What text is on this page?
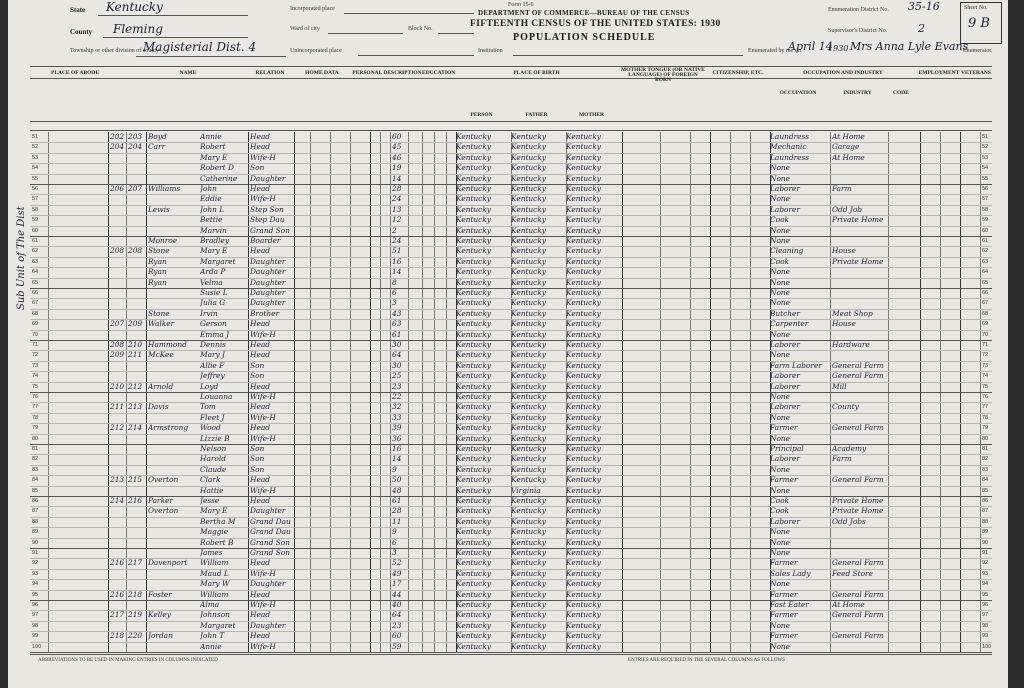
Form 15-6
DEPARTMENT OF COMMERCE—BUREAU OF THE CENSUS
FIFTEENTH CENSUS OF THE UNITED STATES: 1930
POPULATION SCHEDULE
State Kentucky
County Fleming
Township or other division of county
Magisterial Dist. 4
Incorporated place
Ward of city	Block No.
Unincorporated place	Institution
Enumeration District No. 35-16
Supervisor's District No.	2
Sheet No.
9 B
Enumerated by me on
April 14
1930 Mrs Anna Lyle Evans
Enumerator.
PLACE OF ABODE	NAME	RELATION	HOME DATA	PERSONAL DESCRIPTION EDUCATION	PLACE OF BIRTH	MOTHER TONGUE (OR NATIVE LANGUAGE) OF FOREIGN BORN
CITIZENSHIP, ETC.	OCCUPATION AND INDUSTRY	EMPLOYMENT VETERANS
PERSON	FATHER	MOTHER
OCCUPATION	INDUSTRY	CODE
Sub Unit of The Dist
51	202 203 Boyd	Annie	Head	60	Kentucky	Kentucky	Kentucky	Laundress	At Home
52	204 204 Carr	Robert	Head	45	Kentucky	Kentucky	Kentucky	Mechanic	Garage
53	Mary E	Wife-H	46	Kentucky	Kentucky	Kentucky	Laundress	At Home
54	Robert D	Son	19	Kentucky	Kentucky	Kentucky	None
55	Catherine	Daughter	14	Kentucky	Kentucky	Kentucky	None
56	206 207 Williams	John	Head	28	Kentucky	Kentucky	Kentucky	Laborer	Farm
57	Eddie	Wife-H	24	Kentucky	Kentucky	Kentucky	None
58	Lewis	John L	Step Son	13	Kentucky	Kentucky	Kentucky	Laborer	Odd Job
59	Bettie	Step Dau	12	Kentucky	Kentucky	Kentucky	Cook	Private Home
60	Marvin	Grand Son	2	Kentucky	Kentucky	Kentucky	None
61	Monroe	Bradley	Boarder	24	Kentucky	Kentucky	Kentucky	None
62	208 208 Stone	Mary E	Head	51	Kentucky	Kentucky	Kentucky	Cleaning	House
63	Ryan	Margaret	Daughter	16	Kentucky	Kentucky	Kentucky	Cook	Private Home
64	Ryan	Arda P	Daughter	14	Kentucky	Kentucky	Kentucky	None
65	Ryan	Velma	Daughter	8	Kentucky	Kentucky	Kentucky	None
66	Susie L	Daughter	6	Kentucky	Kentucky	Kentucky	None
67	Julia G	Daughter	3	Kentucky	Kentucky	Kentucky	None
68	Stone	Irvin	Brother	43	Kentucky	Kentucky	Kentucky	Butcher	Meat Shop
69	207 209 Walker	Gerson	Head	63	Kentucky	Kentucky	Kentucky	Carpenter	House
70	Emma J	Wife-H	61	Kentucky	Kentucky	Kentucky	None
71	208 210 Hammond	Dennis	Head	30	Kentucky	Kentucky	Kentucky	Laborer	Hardware
72	209 211 McKee	Mary J	Head	64	Kentucky	Kentucky	Kentucky	None
73	Allie F	Son	30	Kentucky	Kentucky	Kentucky	Farm Laborer	General Farm
74	Jeffrey	Son	25	Kentucky	Kentucky	Kentucky	Laborer	General Farm
75	210 212 Arnold	Loyd	Head	23	Kentucky	Kentucky	Kentucky	Laborer	Mill
76	Louanna	Wife-H	22	Kentucky	Kentucky	Kentucky	None
77	211 213 Davis	Tom	Head	32	Kentucky	Kentucky	Kentucky	Laborer	County
78	Fleet J	Wife-H	33	Kentucky	Kentucky	Kentucky	None
79	212 214 Armstrong	Wood	Head	39	Kentucky	Kentucky	Kentucky	Farmer	General Farm
80	Lizzie B	Wife-H	36	Kentucky	Kentucky	Kentucky	None
81	Nelson	Son	16	Kentucky	Kentucky	Kentucky	Principal	Academy
82	Harold	Son	14	Kentucky	Kentucky	Kentucky	Laborer	Farm
83	Claude	Son	9	Kentucky	Kentucky	Kentucky	None
84	213 215 Overton	Clark	Head	50	Kentucky	Kentucky	Kentucky	Farmer	General Farm
85	Hattie	Wife-H	48	Kentucky	Virginia	Kentucky	None
86	214 216 Parker	Jesse	Head	61	Kentucky	Kentucky	Kentucky	Cook	Private Home
87	Overton	Mary E	Daughter	28	Kentucky	Kentucky	Kentucky	Cook	Private Home
88	Bertha M	Grand Dau	11	Kentucky	Kentucky	Kentucky	Laborer	Odd Jobs
89	Maggie	Grand Dau	9	Kentucky	Kentucky	Kentucky	None
90	Robert B	Grand Son	6	Kentucky	Kentucky	Kentucky	None
91	James	Grand Son	3	Kentucky	Kentucky	Kentucky	None
92	216 217 Davenport	William	Head	52	Kentucky	Kentucky	Kentucky	Farmer	General Farm
93	Maud L	Wife-H	49	Kentucky	Kentucky	Kentucky	Sales Lady	Feed Store
94	Mary W	Daughter	17	Kentucky	Kentucky	Kentucky	None
95	216 218 Foster	William	Head	44	Kentucky	Kentucky	Kentucky	Farmer	General Farm
96	Alma	Wife-H	40	Kentucky	Kentucky	Kentucky	Fast Eater	At Home
97	217 219 Kelley	Johnson	Head	64	Kentucky	Kentucky	Kentucky	Farmer	General Farm
98	Margaret	Daughter	23	Kentucky	Kentucky	Kentucky	None
99	218 220 Jordan	John T	Head	60	Kentucky	Kentucky	Kentucky	Farmer	General Farm
100	Annie	Wife-H	59	Kentucky	Kentucky	Kentucky	None
51
52
53
54
55
56
57
58
59
60
61
62
63
64
65
66
67
68
69
70
71
72
73
74
75
76
77
78
79
80
81
82
83
84
85
86
87
88
89
90
91
92
93
94
95
96
97
98
99
100
ABBREVIATIONS TO BE USED IN MAKING ENTRIES IN COLUMNS INDICATED	ENTRIES ARE REQUIRED IN THE SEVERAL COLUMNS AS FOLLOWS
